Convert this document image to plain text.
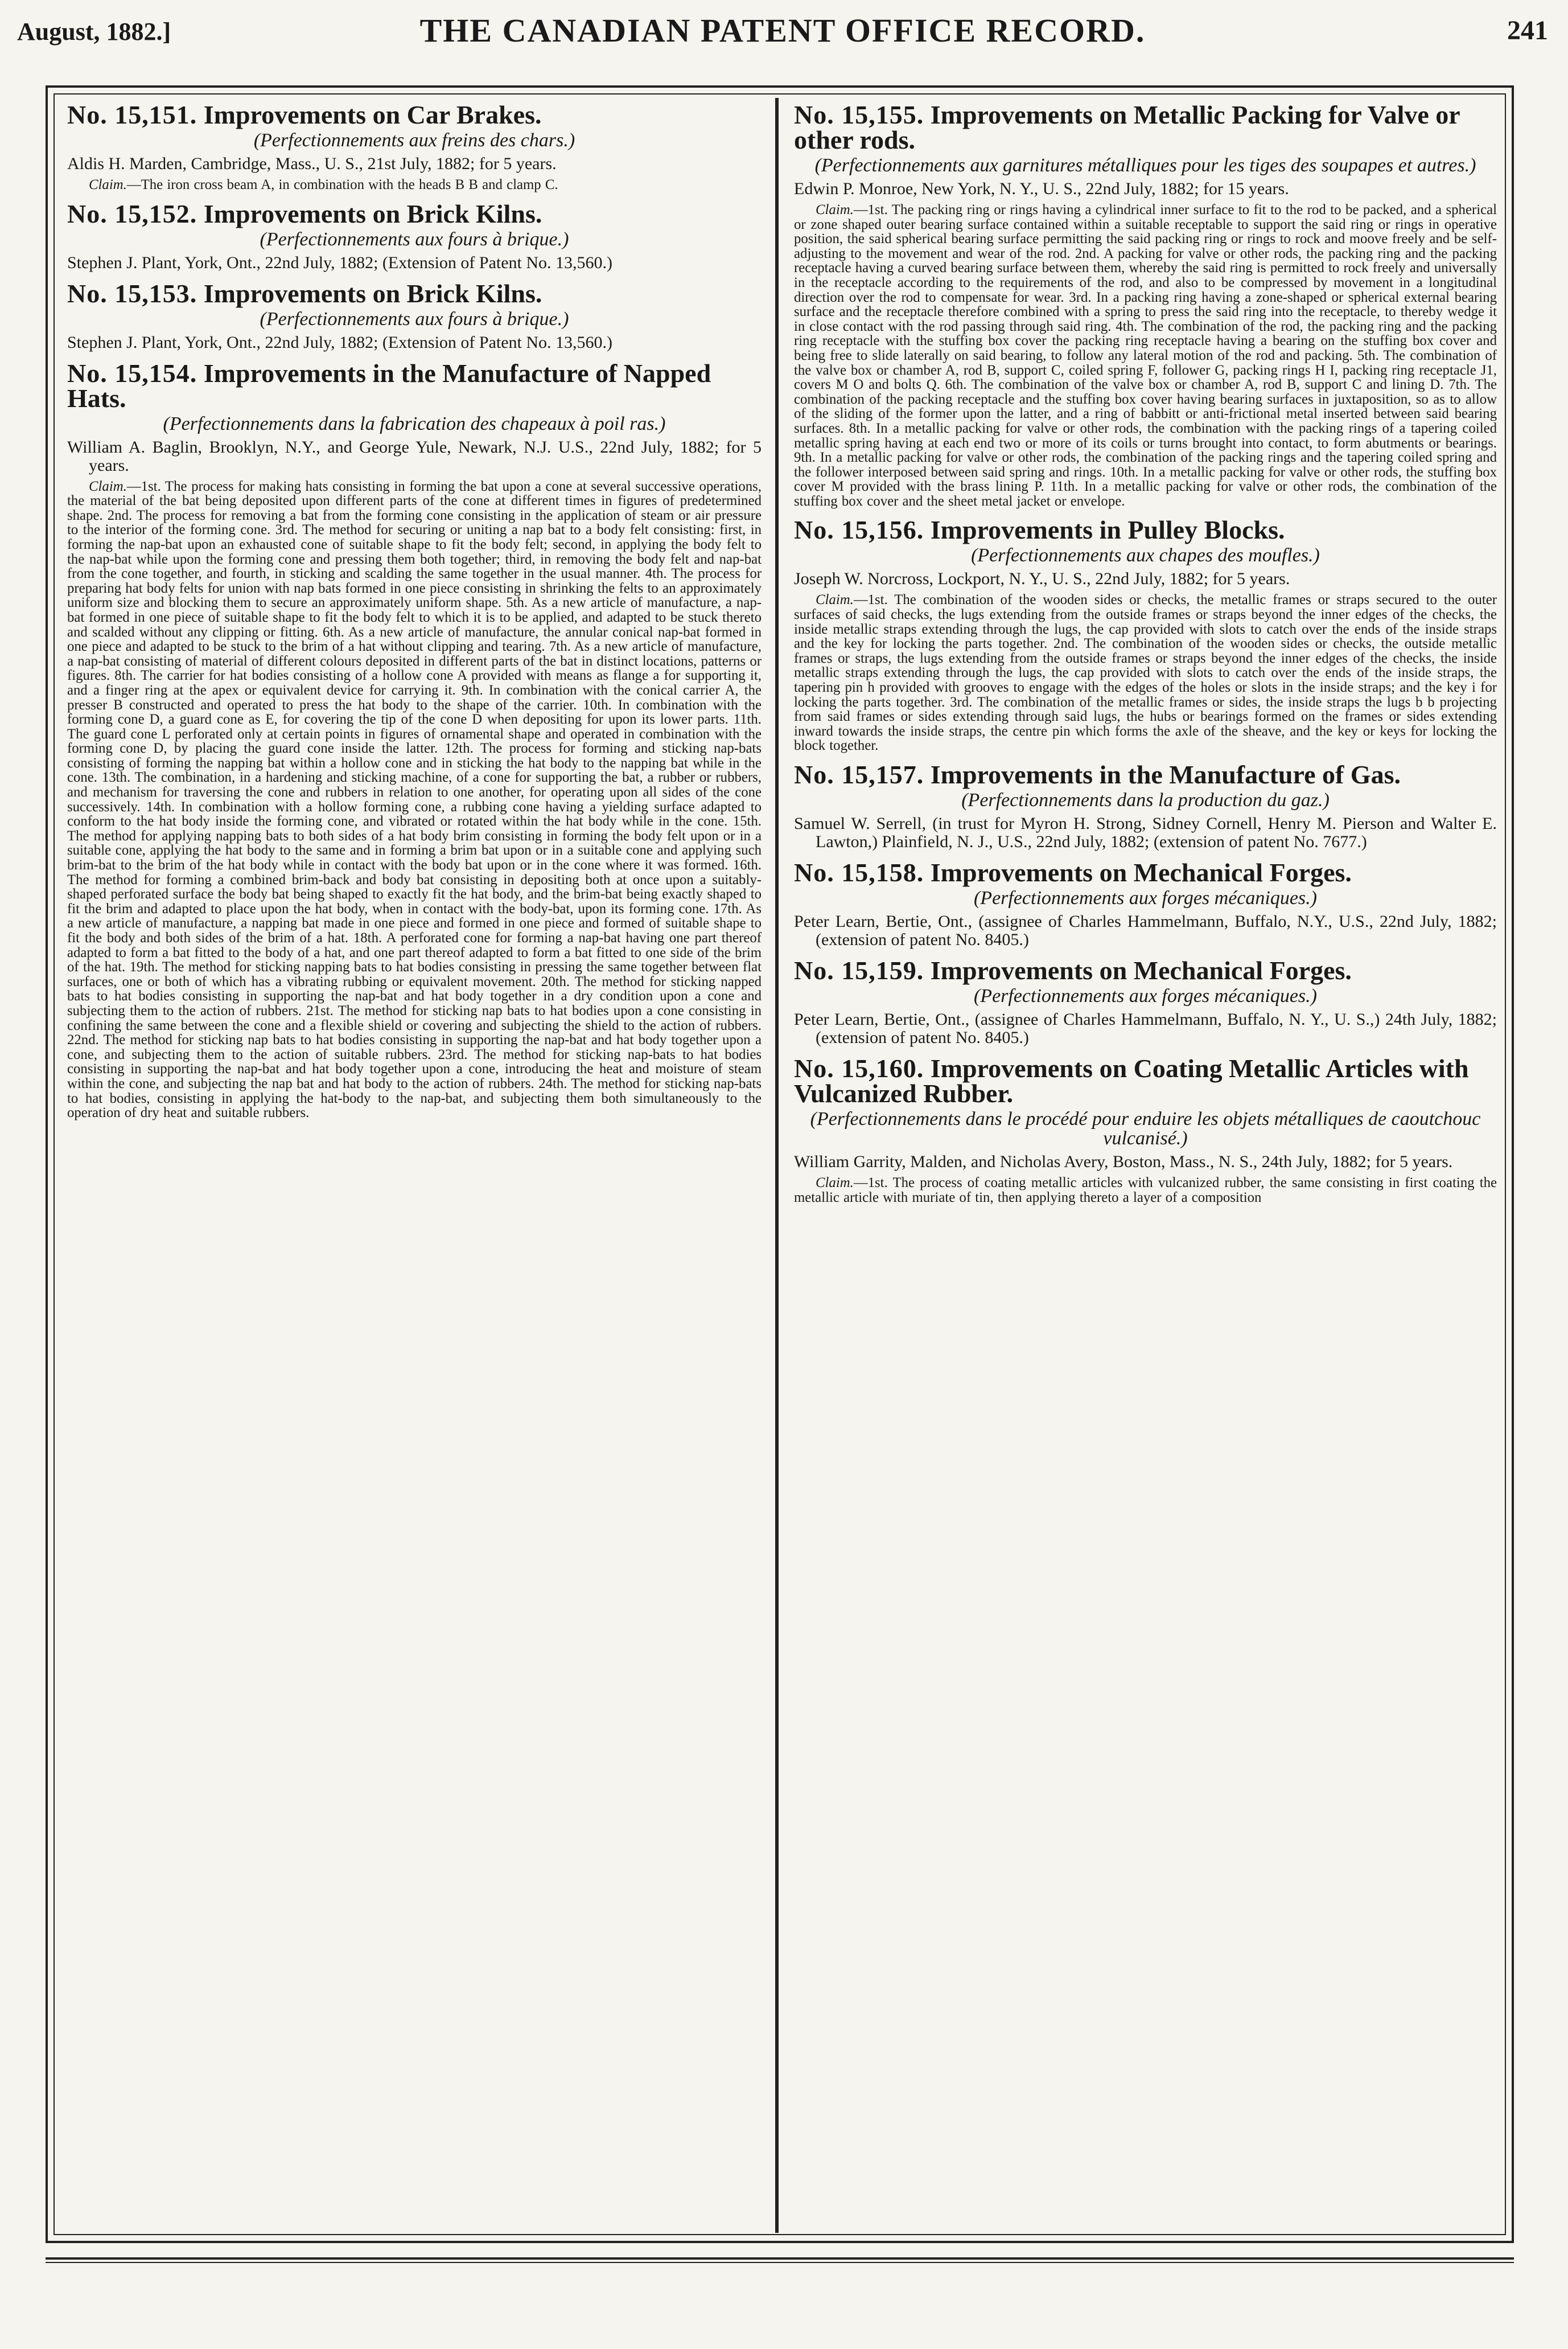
August, 1882.]	THE CANADIAN PATENT OFFICE RECORD.	241
No. 15,151. Improvements on Car Brakes.
(Perfectionnements aux freins des chars.)
Aldis H. Marden, Cambridge, Mass., U. S., 21st July, 1882; for 5 years.

Claim.—The iron cross beam A, in combination with the heads B B and clamp C.

No. 15,152. Improvements on Brick Kilns.
(Perfectionnements aux fours à brique.)
Stephen J. Plant, York, Ont., 22nd July, 1882; (Extension of Patent No. 13,560.)
No. 15,153. Improvements on Brick Kilns.
(Perfectionnements aux fours à brique.)
Stephen J. Plant, York, Ont., 22nd July, 1882; (Extension of Patent No. 13,560.)
No. 15,154. Improvements in the Manufacture of Napped Hats.
(Perfectionnements dans la fabrication des chapeaux à poil ras.)
William A. Baglin, Brooklyn, N.Y., and George Yule, Newark, N.J. U.S., 22nd July, 1882; for 5 years.

Claim.—1st. The process for making hats consisting in forming the bat upon a cone at several successive operations, the material of the bat being deposited upon different parts of the cone at different times in figures of predetermined shape. 2nd. The process for removing a bat from the forming cone consisting in the application of steam or air pressure to the interior of the forming cone. 3rd. The method for securing or uniting a nap bat to a body felt consisting: first, in forming the nap-bat upon an exhausted cone of suitable shape to fit the body felt; second, in applying the body felt to the nap-bat while upon the forming cone and pressing them both together; third, in removing the body felt and nap-bat from the cone together, and fourth, in sticking and scalding the same together in the usual manner. 4th. The process for preparing hat body felts for union with nap bats formed in one piece consisting in shrinking the felts to an approximately uniform size and blocking them to secure an approximately uniform shape. 5th. As a new article of manufacture, a nap-bat formed in one piece of suitable shape to fit the body felt to which it is to be applied, and adapted to be stuck thereto and scalded without any clipping or fitting. 6th. As a new article of manufacture, the annular conical nap-bat formed in one piece and adapted to be stuck to the brim of a hat without clipping and tearing. 7th. As a new article of manufacture, a nap-bat consisting of material of different colours deposited in different parts of the bat in distinct locations, patterns or figures. 8th. The carrier for hat bodies consisting of a hollow cone A provided with means as flange a for supporting it, and a finger ring at the apex or equivalent device for carrying it. 9th. In combination with the conical carrier A, the presser B constructed and operated to press the hat body to the shape of the carrier. 10th. In combination with the forming cone D, a guard cone as E, for covering the tip of the cone D when depositing for upon its lower parts. 11th. The guard cone L perforated only at certain points in figures of ornamental shape and operated in combination with the forming cone D, by placing the guard cone inside the latter. 12th. The process for forming and sticking nap-bats consisting of forming the napping bat within a hollow cone and in sticking the hat body to the napping bat while in the cone. 13th. The combination, in a hardening and sticking machine, of a cone for supporting the bat, a rubber or rubbers, and mechanism for traversing the cone and rubbers in relation to one another, for operating upon all sides of the cone successively. 14th. In combination with a hollow forming cone, a rubbing cone having a yielding surface adapted to conform to the hat body inside the forming cone, and vibrated or rotated within the hat body while in the cone. 15th. The method for applying napping bats to both sides of a hat body brim consisting in forming the body felt upon or in a suitable cone, applying the hat body to the same and in forming a brim bat upon or in a suitable cone and applying such brim-bat to the brim of the hat body while in contact with the body bat upon or in the cone where it was formed. 16th. The method for forming a combined brim-back and body bat consisting in depositing both at once upon a suitably-shaped perforated surface the body bat being shaped to exactly fit the hat body, and the brim-bat being exactly shaped to fit the brim and adapted to place upon the hat body, when in contact with the body-bat, upon its forming cone. 17th. As a new article of manufacture, a napping bat made in one piece and formed in one piece and formed of suitable shape to fit the body and both sides of the brim of a hat. 18th. A perforated cone for forming a nap-bat having one part thereof adapted to form a bat fitted to the body of a hat, and one part thereof adapted to form a bat fitted to one side of the brim of the hat. 19th. The method for sticking napping bats to hat bodies consisting in pressing the same together between flat surfaces, one or both of which has a vibrating rubbing or equivalent movement. 20th. The method for sticking napped bats to hat bodies consisting in supporting the nap-bat and hat body together in a dry condition upon a cone and subjecting them to the action of rubbers. 21st. The method for sticking nap bats to hat bodies upon a cone consisting in confining the same between the cone and a flexible shield or covering and subjecting the shield to the action of rubbers. 22nd. The method for sticking nap bats to hat bodies consisting in supporting the nap-bat and hat body together upon a cone, and subjecting them to the action of suitable rubbers. 23rd. The method for sticking nap-bats to hat bodies consisting in supporting the nap-bat and hat body together upon a cone, introducing the heat and moisture of steam within the cone, and subjecting the nap bat and hat body to the action of rubbers. 24th. The method for sticking nap-bats to hat bodies, consisting in applying the hat-body to the nap-bat, and subjecting them both simultaneously to the operation of dry heat and suitable rubbers.

No. 15,155. Improvements on Metallic Packing for Valve or other rods.
(Perfectionnements aux garnitures métalliques pour les tiges des soupapes et autres.)
Edwin P. Monroe, New York, N. Y., U. S., 22nd July, 1882; for 15 years.

Claim.—1st. The packing ring or rings having a cylindrical inner surface to fit to the rod to be packed, and a spherical or zone shaped outer bearing surface contained within a suitable receptable to support the said ring or rings in operative position, the said spherical bearing surface permitting the said packing ring or rings to rock and moove freely and be self-adjusting to the movement and wear of the rod. 2nd. A packing for valve or other rods, the packing ring and the packing receptacle having a curved bearing surface between them, whereby the said ring is permitted to rock freely and universally in the receptacle according to the requirements of the rod, and also to be compressed by movement in a longitudinal direction over the rod to compensate for wear. 3rd. In a packing ring having a zone-shaped or spherical external bearing surface and the receptacle therefore combined with a spring to press the said ring into the receptacle, to thereby wedge it in close contact with the rod passing through said ring. 4th. The combination of the rod, the packing ring and the packing ring receptacle with the stuffing box cover the packing ring receptacle having a bearing on the stuffing box cover and being free to slide laterally on said bearing, to follow any lateral motion of the rod and packing. 5th. The combination of the valve box or chamber A, rod B, support C, coiled spring F, follower G, packing rings H I, packing ring receptacle J1, covers M O and bolts Q. 6th. The combination of the valve box or chamber A, rod B, support C and lining D. 7th. The combination of the packing receptacle and the stuffing box cover having bearing surfaces in juxtaposition, so as to allow of the sliding of the former upon the latter, and a ring of babbitt or anti-frictional metal inserted between said bearing surfaces. 8th. In a metallic packing for valve or other rods, the combination with the packing rings of a tapering coiled metallic spring having at each end two or more of its coils or turns brought into contact, to form abutments or bearings. 9th. In a metallic packing for valve or other rods, the combination of the packing rings and the tapering coiled spring and the follower interposed between said spring and rings. 10th. In a metallic packing for valve or other rods, the stuffing box cover M provided with the brass lining P. 11th. In a metallic packing for valve or other rods, the combination of the stuffing box cover and the sheet metal jacket or envelope.

No. 15,156. Improvements in Pulley Blocks.
(Perfectionnements aux chapes des moufles.)
Joseph W. Norcross, Lockport, N. Y., U. S., 22nd July, 1882; for 5 years.

Claim.—1st. The combination of the wooden sides or checks, the metallic frames or straps secured to the outer surfaces of said checks, the lugs extending from the outside frames or straps beyond the inner edges of the checks, the inside metallic straps extending through the lugs, the cap provided with slots to catch over the ends of the inside straps and the key for locking the parts together. 2nd. The combination of the wooden sides or checks, the outside metallic frames or straps, the lugs extending from the outside frames or straps beyond the inner edges of the checks, the inside metallic straps extending through the lugs, the cap provided with slots to catch over the ends of the inside straps, the tapering pin h provided with grooves to engage with the edges of the holes or slots in the inside straps; and the key i for locking the parts together. 3rd. The combination of the metallic frames or sides, the inside straps the lugs b b projecting from said frames or sides extending through said lugs, the hubs or bearings formed on the frames or sides extending inward towards the inside straps, the centre pin which forms the axle of the sheave, and the key or keys for locking the block together.

No. 15,157. Improvements in the Manufacture of Gas.
(Perfectionnements dans la production du gaz.)
Samuel W. Serrell, (in trust for Myron H. Strong, Sidney Cornell, Henry M. Pierson and Walter E. Lawton,) Plainfield, N. J., U.S., 22nd July, 1882; (extension of patent No. 7677.)
No. 15,158. Improvements on Mechanical Forges.
(Perfectionnements aux forges mécaniques.)
Peter Learn, Bertie, Ont., (assignee of Charles Hammelmann, Buffalo, N.Y., U.S., 22nd July, 1882; (extension of patent No. 8405.)
No. 15,159. Improvements on Mechanical Forges.
(Perfectionnements aux forges mécaniques.)
Peter Learn, Bertie, Ont., (assignee of Charles Hammelmann, Buffalo, N. Y., U. S.,) 24th July, 1882; (extension of patent No. 8405.)
No. 15,160. Improvements on Coating Metallic Articles with Vulcanized Rubber.
(Perfectionnements dans le procédé pour enduire les objets métalliques de caoutchouc vulcanisé.)
William Garrity, Malden, and Nicholas Avery, Boston, Mass., N. S., 24th July, 1882; for 5 years.

Claim.—1st. The process of coating metallic articles with vulcanized rubber, the same consisting in first coating the metallic article with muriate of tin, then applying thereto a layer of a composition
